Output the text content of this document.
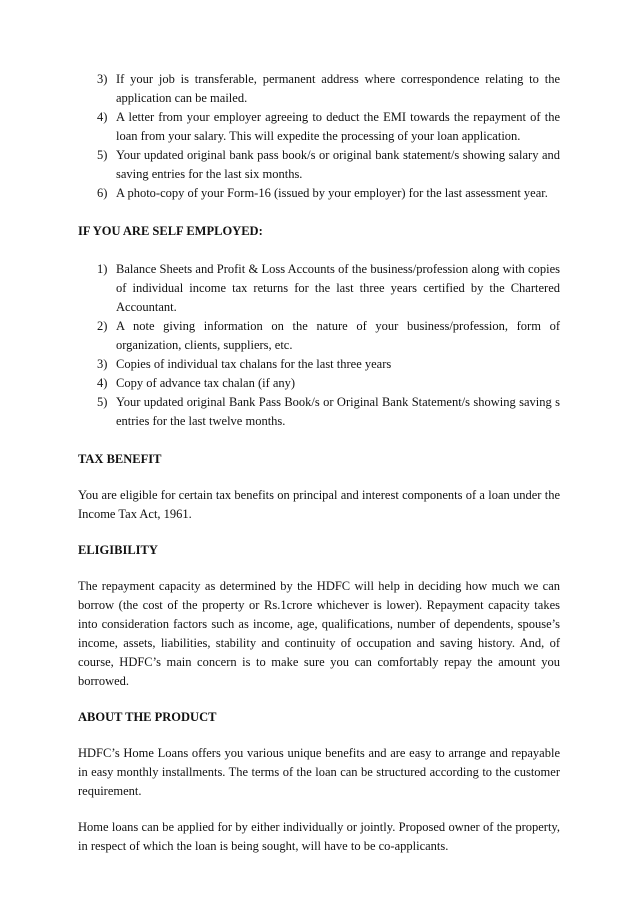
3) If your job is transferable, permanent address where correspondence relating to the application can be mailed.
4) A letter from your employer agreeing to deduct the EMI towards the repayment of the loan from your salary. This will expedite the processing of your loan application.
5) Your updated original bank pass book/s or original bank statement/s showing salary and saving entries for the last six months.
6) A photo-copy of your Form-16 (issued by your employer) for the last assessment year.

IF YOU ARE SELF EMPLOYED:

1) Balance Sheets and Profit & Loss Accounts of the business/profession along with copies of individual income tax returns for the last three years certified by the Chartered Accountant.
2) A note giving information on the nature of your business/profession, form of organization, clients, suppliers, etc.
3) Copies of individual tax chalans for the last three years
4) Copy of advance tax chalan (if any)
5) Your updated original Bank Pass Book/s or Original Bank Statement/s showing saving s entries for the last twelve months.

TAX BENEFIT

You are eligible for certain tax benefits on principal and interest components of a loan under the Income Tax Act, 1961.

ELIGIBILITY

The repayment capacity as determined by the HDFC will help in deciding how much we can borrow (the cost of the property or Rs.1crore whichever is lower). Repayment capacity takes into consideration factors such as income, age, qualifications, number of dependents, spouse’s income, assets, liabilities, stability and continuity of occupation and saving history. And, of course, HDFC’s main concern is to make sure you can comfortably repay the amount you borrowed.

ABOUT THE PRODUCT

HDFC’s Home Loans offers you various unique benefits and are easy to arrange and repayable in easy monthly installments. The terms of the loan can be structured according to the customer requirement.

Home loans can be applied for by either individually or jointly. Proposed owner of the property, in respect of which the loan is being sought, will have to be co-applicants.
